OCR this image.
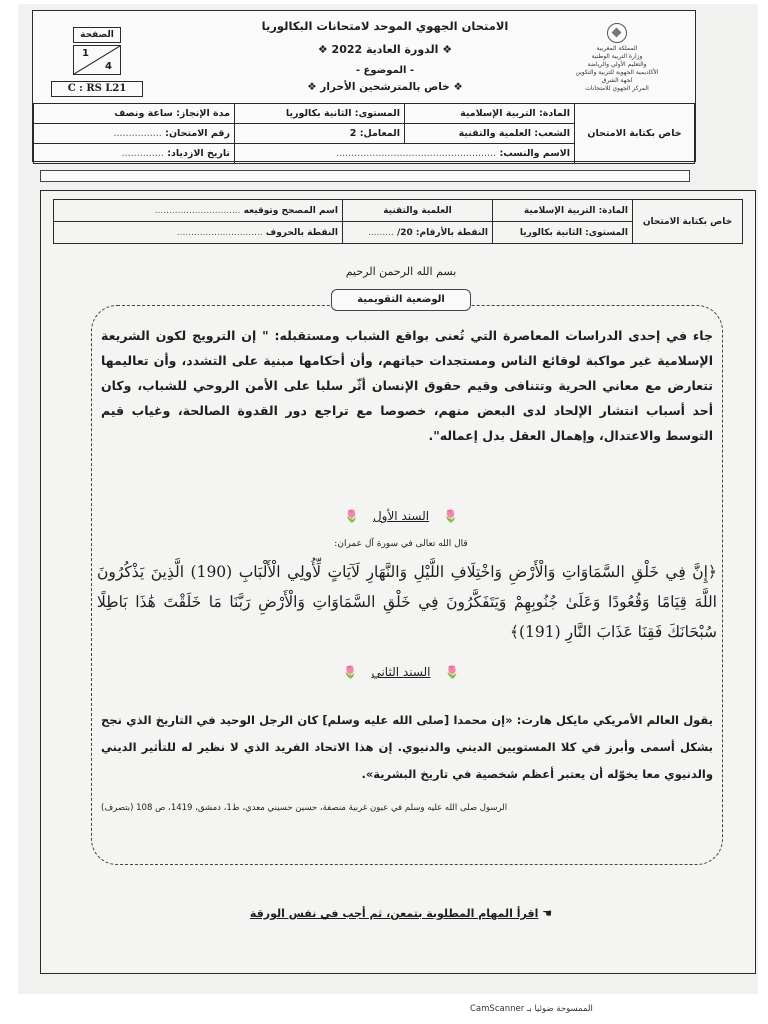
الامتحان الجهوي الموحد لامتحانات البكالوريا
❖ الدورة العادية 2022 ❖
- الموضوع -
❖ خاص بالمترشحين الأحرار ❖
المملكة المغربية
وزارة التربية الوطنية
والتعليم الأولي والرياضة
الأكاديمية الجهوية للتربية والتكوين
لجهة الشرق
المركز الجهوي للامتحانات
الصفحة
1
4
C : RS L21
خاص بكتابة الامتحان	المادة: التربية الإسلامية	المستوى: الثانية بكالوريا	مدة الإنجاز: ساعة ونصف
	الشعب: العلمية والتقنية	المعامل: 2	رقم الامتحان: ................
	الاسم والنسب: .....................................................		تاريخ الازدياد: ..............
خاص بكتابة الامتحان	المادة: التربية الإسلامية	العلمية والتقنية	اسم المصحح وتوقيعه ..............................
	المستوى: الثانية بكالوريا	النقطة بالأرقام: 20/ .........	النقطة بالحروف ..............................
بسم الله الرحمن الرحيم
الوضعية التقويمية
جاء في إحدى الدراسات المعاصرة التي تُعنى بواقع الشباب ومستقبله: " إن الترويج لكون الشريعة الإسلامية غير مواكبة لوقائع الناس ومستجدات حياتهم، وأن أحكامها مبنية على التشدد، وأن تعاليمها تتعارض مع معاني الحرية وتتنافى وقيم حقوق الإنسان أثّر سلبا على الأمن الروحي للشباب، وكان أحد أسباب انتشار الإلحاد لدى البعض منهم، خصوصا مع تراجع دور القدوة الصالحة، وغياب قيم التوسط والاعتدال، وإهمال العقل بدل إعماله".
🌷السند الأول🌷
قال الله تعالى في سورة آل عمران:
﴿إِنَّ فِي خَلْقِ السَّمَاوَاتِ وَالْأَرْضِ وَاخْتِلَافِ اللَّيْلِ وَالنَّهَارِ لَآيَاتٍ لِّأُولِي الْأَلْبَابِ (190) الَّذِينَ يَذْكُرُونَ اللَّهَ قِيَامًا وَقُعُودًا وَعَلَىٰ جُنُوبِهِمْ وَيَتَفَكَّرُونَ فِي خَلْقِ السَّمَاوَاتِ وَالْأَرْضِ رَبَّنَا مَا خَلَقْتَ هَٰذَا بَاطِلًا سُبْحَانَكَ فَقِنَا عَذَابَ النَّارِ (191)﴾
🌷السند الثاني🌷
يقول العالم الأمريكي مايكل هارت: «إن محمدا [صلى الله عليه وسلم] كان الرجل الوحيد في التاريخ الذي نجح بشكل أسمى وأبرز في كلا المستويين الديني والدنيوي. إن هذا الاتحاد الفريد الذي لا نظير له للتأثير الديني والدنيوي معا يخوّله أن يعتبر أعظم شخصية في تاريخ البشرية».
الرسول صلى الله عليه وسلم في عيون غربية منصفة، حسين حسيني معدي، ط1، دمشق، 1419، ص 108 (بتصرف)
☚ اقرأ المهام المطلوبة بتمعن، ثم أجب في نفس الورقة
الممسوحة ضوئيا بـ CamScanner
